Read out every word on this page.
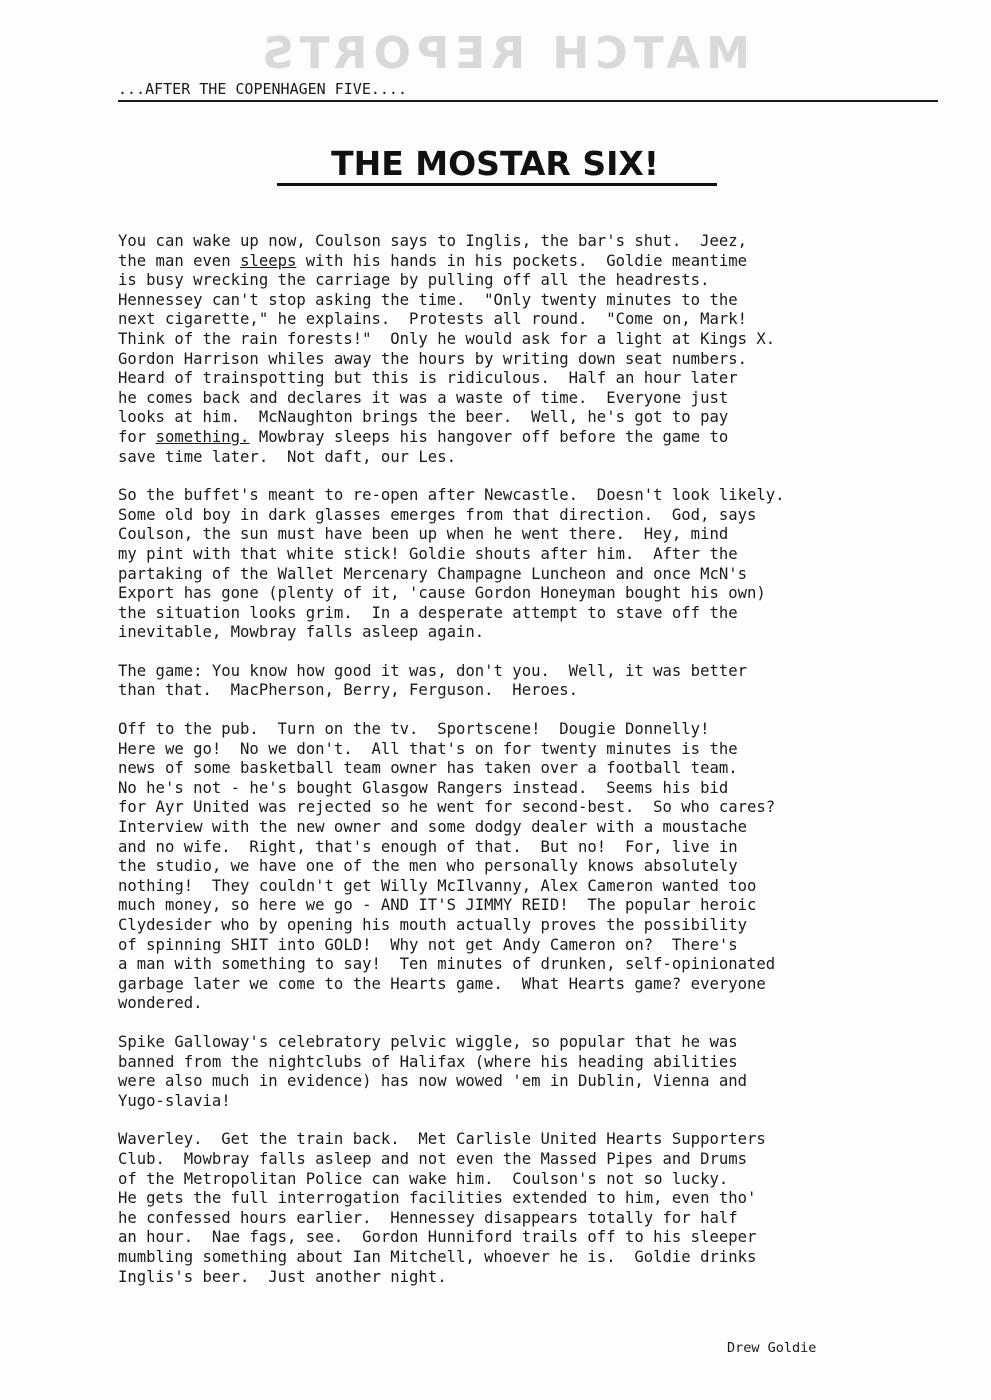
MATCH REPORTS
...AFTER THE COPENHAGEN FIVE....
THE MOSTAR SIX!

You can wake up now, Coulson says to Inglis, the bar's shut.  Jeez,
the man even sleeps with his hands in his pockets.  Goldie meantime
is busy wrecking the carriage by pulling off all the headrests.
Hennessey can't stop asking the time.  "Only twenty minutes to the
next cigarette," he explains.  Protests all round.  "Come on, Mark!
Think of the rain forests!"  Only he would ask for a light at Kings X.
Gordon Harrison whiles away the hours by writing down seat numbers.
Heard of trainspotting but this is ridiculous.  Half an hour later
he comes back and declares it was a waste of time.  Everyone just
looks at him.  McNaughton brings the beer.  Well, he's got to pay
for something. Mowbray sleeps his hangover off before the game to
save time later.  Not daft, our Les.

So the buffet's meant to re-open after Newcastle.  Doesn't look likely.
Some old boy in dark glasses emerges from that direction.  God, says
Coulson, the sun must have been up when he went there.  Hey, mind
my pint with that white stick! Goldie shouts after him.  After the
partaking of the Wallet Mercenary Champagne Luncheon and once McN's
Export has gone (plenty of it, 'cause Gordon Honeyman bought his own)
the situation looks grim.  In a desperate attempt to stave off the
inevitable, Mowbray falls asleep again.

The game: You know how good it was, don't you.  Well, it was better
than that.  MacPherson, Berry, Ferguson.  Heroes.

Off to the pub.  Turn on the tv.  Sportscene!  Dougie Donnelly!
Here we go!  No we don't.  All that's on for twenty minutes is the
news of some basketball team owner has taken over a football team.
No he's not - he's bought Glasgow Rangers instead.  Seems his bid
for Ayr United was rejected so he went for second-best.  So who cares?
Interview with the new owner and some dodgy dealer with a moustache
and no wife.  Right, that's enough of that.  But no!  For, live in
the studio, we have one of the men who personally knows absolutely
nothing!  They couldn't get Willy McIlvanny, Alex Cameron wanted too
much money, so here we go - AND IT'S JIMMY REID!  The popular heroic
Clydesider who by opening his mouth actually proves the possibility
of spinning SHIT into GOLD!  Why not get Andy Cameron on?  There's
a man with something to say!  Ten minutes of drunken, self-opinionated
garbage later we come to the Hearts game.  What Hearts game? everyone
wondered.

Spike Galloway's celebratory pelvic wiggle, so popular that he was
banned from the nightclubs of Halifax (where his heading abilities
were also much in evidence) has now wowed 'em in Dublin, Vienna and
Yugo-slavia!

Waverley.  Get the train back.  Met Carlisle United Hearts Supporters
Club.  Mowbray falls asleep and not even the Massed Pipes and Drums
of the Metropolitan Police can wake him.  Coulson's not so lucky.
He gets the full interrogation facilities extended to him, even tho'
he confessed hours earlier.  Hennessey disappears totally for half
an hour.  Nae fags, see.  Gordon Hunniford trails off to his sleeper
mumbling something about Ian Mitchell, whoever he is.  Goldie drinks
Inglis's beer.  Just another night.

Drew Goldie
